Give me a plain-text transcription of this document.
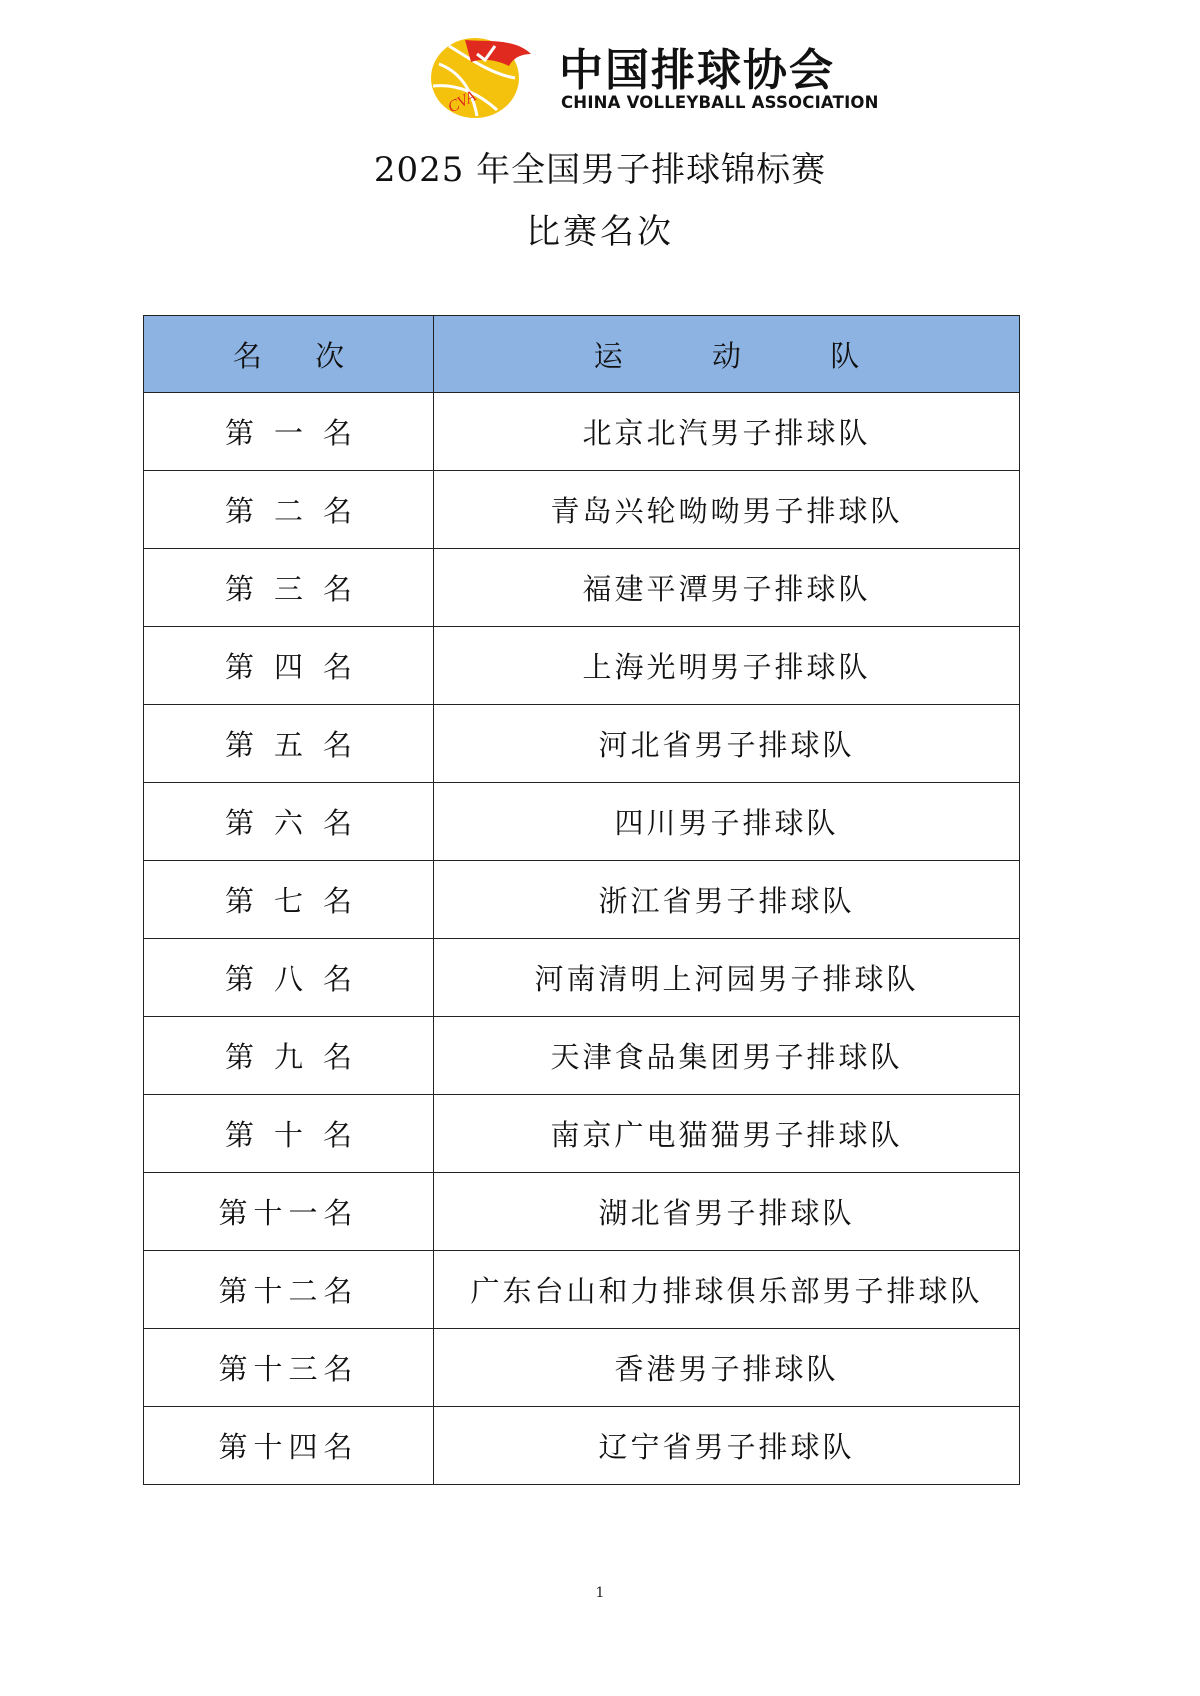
CVA
中国排球协会
CHINA VOLLEYBALL ASSOCIATION
2025 年全国男子排球锦标赛
比赛名次
名 次	运 动 队
第一名	北京北汽男子排球队
第二名	青岛兴轮呦呦男子排球队
第三名	福建平潭男子排球队
第四名	上海光明男子排球队
第五名	河北省男子排球队
第六名	四川男子排球队
第七名	浙江省男子排球队
第八名	河南清明上河园男子排球队
第九名	天津食品集团男子排球队
第十名	南京广电猫猫男子排球队
第十一名	湖北省男子排球队
第十二名	广东台山和力排球俱乐部男子排球队
第十三名	香港男子排球队
第十四名	辽宁省男子排球队
1
